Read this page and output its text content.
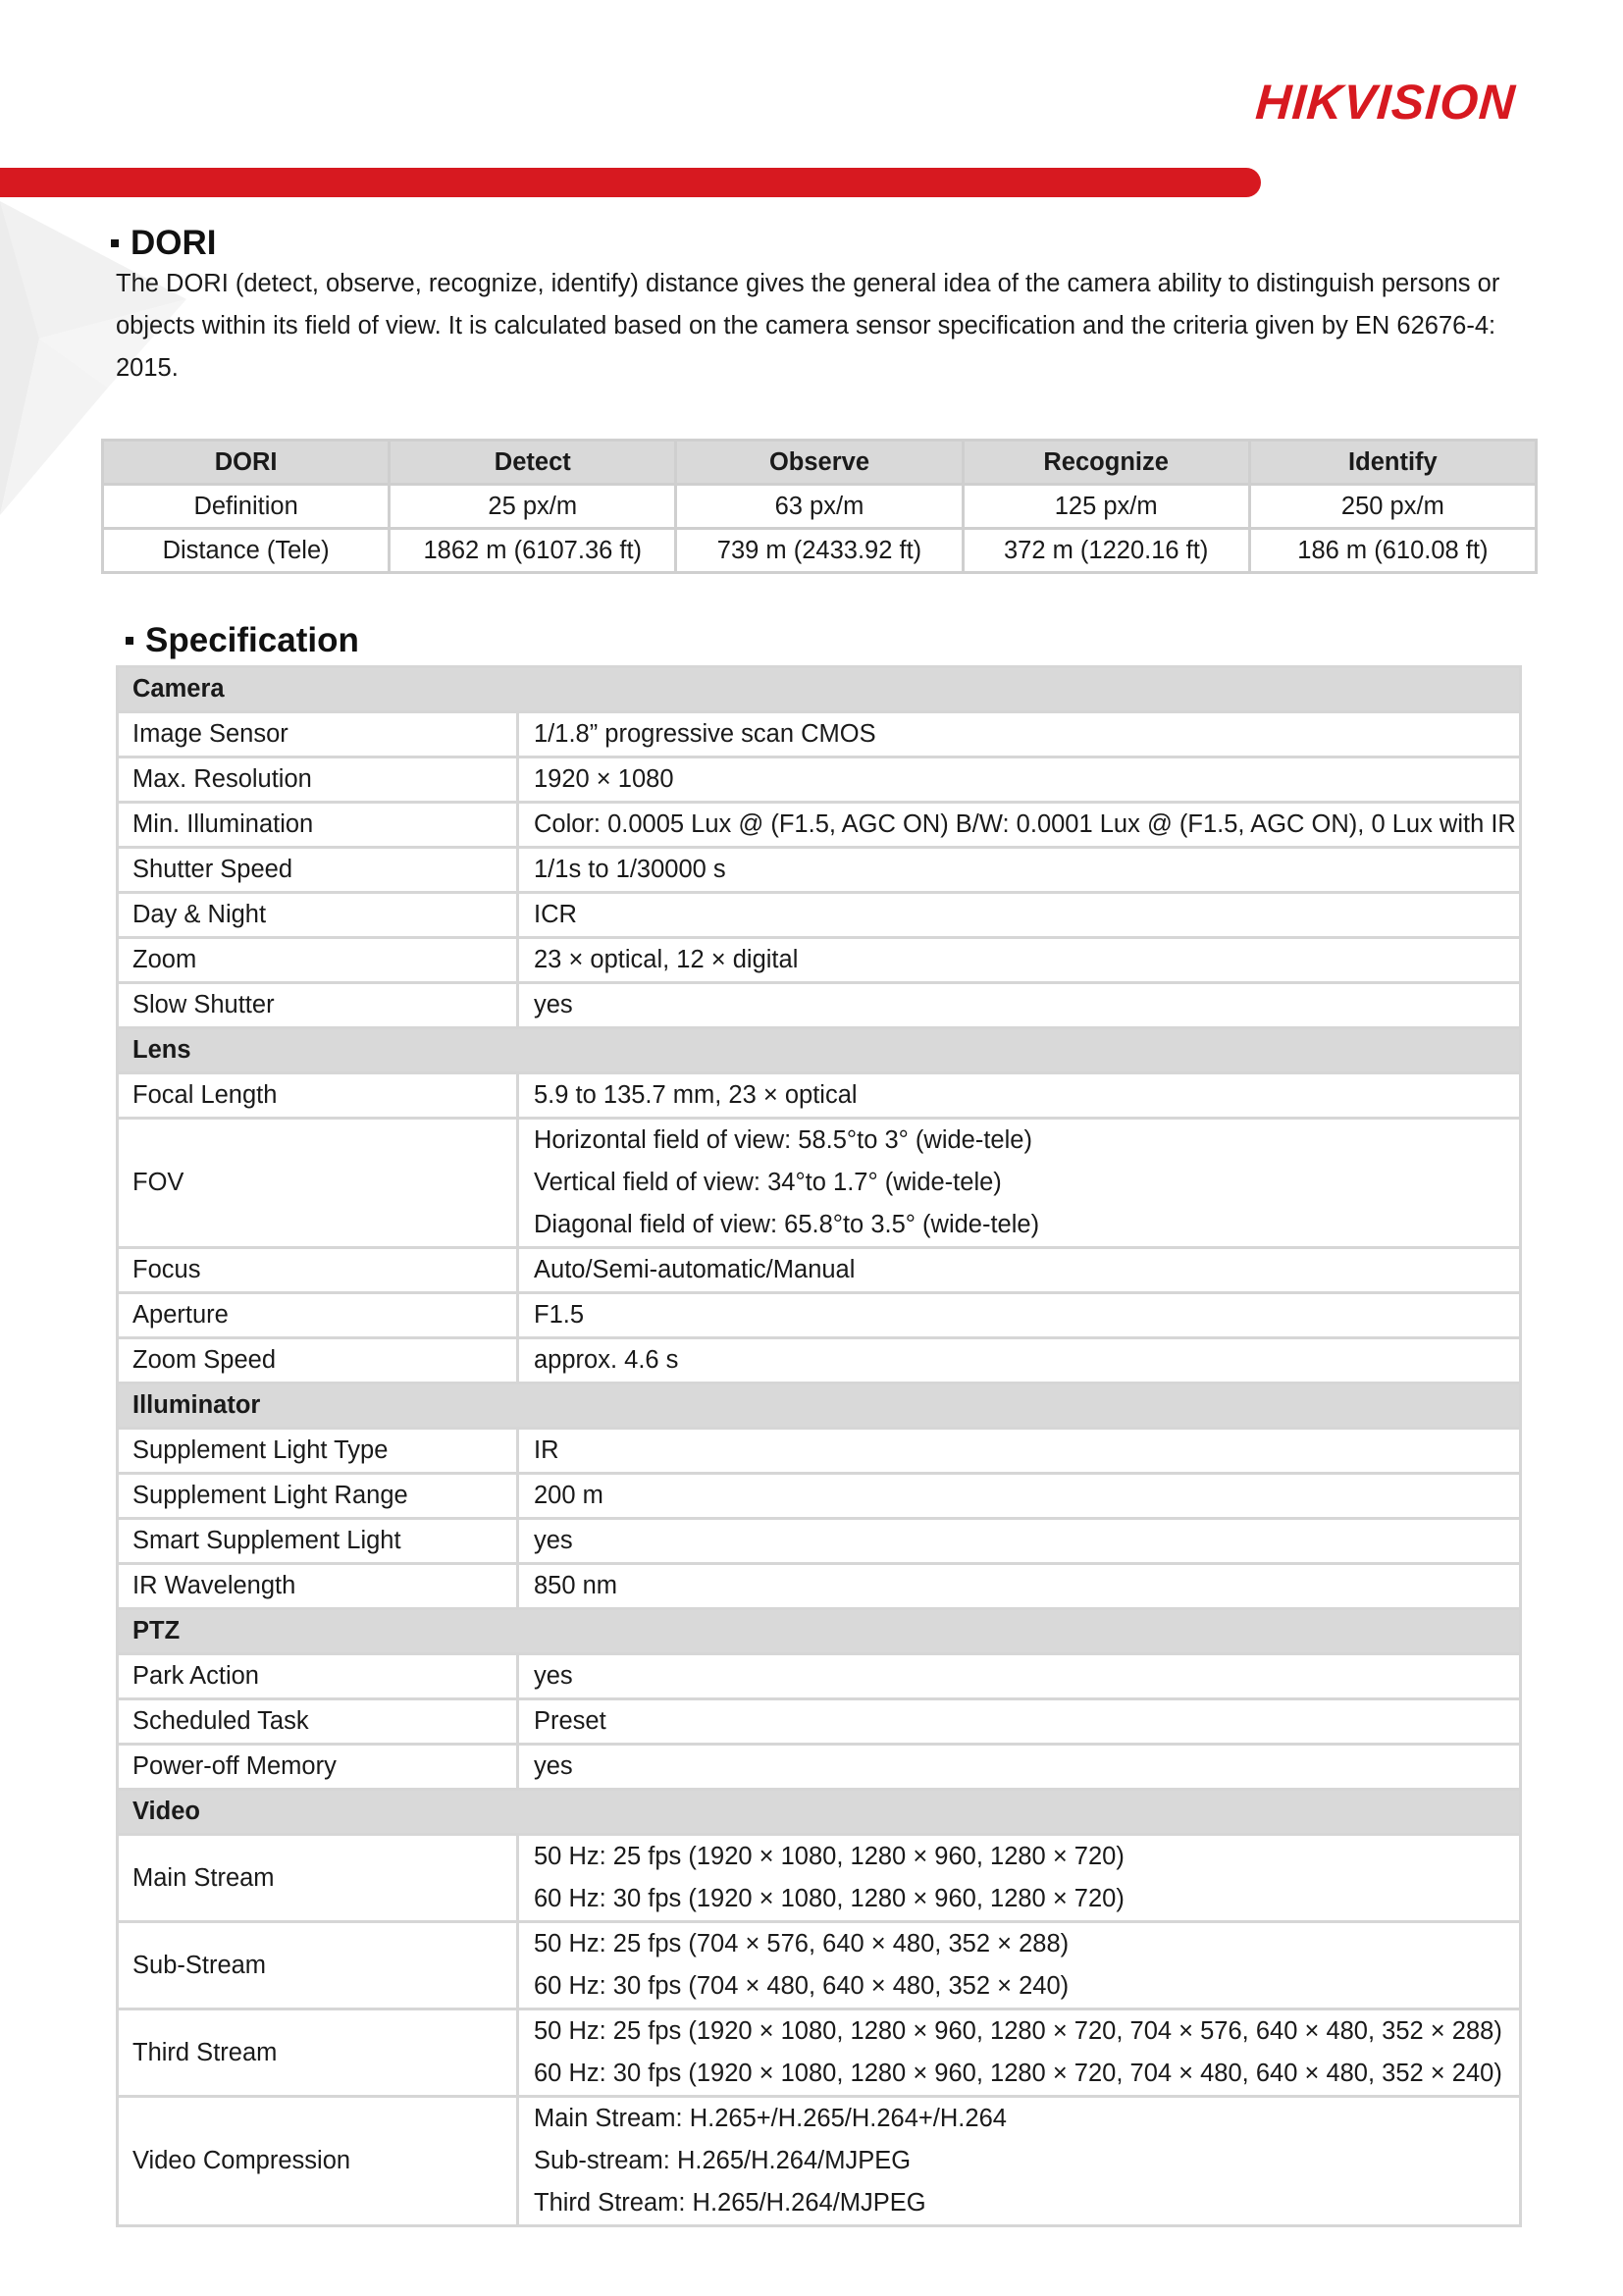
HIKVISION
DORI
The DORI (detect, observe, recognize, identify) distance gives the general idea of the camera ability to distinguish persons or objects within its field of view. It is calculated based on the camera sensor specification and the criteria given by EN 62676-4: 2015.
DORI	Detect	Observe	Recognize	Identify
Definition	25 px/m	63 px/m	125 px/m	250 px/m
Distance (Tele)	1862 m (6107.36 ft)	739 m (2433.92 ft)	372 m (1220.16 ft)	186 m (610.08 ft)
Specification
Camera	
Image Sensor	1/1.8” progressive scan CMOS

Max. Resolution	1920 × 1080

Min. Illumination	Color: 0.0005 Lux @ (F1.5, AGC ON) B/W: 0.0001 Lux @ (F1.5, AGC ON), 0 Lux with IR

Shutter Speed	1/1s to 1/30000 s

Day & Night	ICR

Zoom	23 × optical, 12 × digital

Slow Shutter	yes

Lens	
Focal Length	5.9 to 135.7 mm, 23 × optical

FOV	Horizontal field of view: 58.5°to 3° (wide-tele)
Vertical field of view: 34°to 1.7° (wide-tele)
Diagonal field of view: 65.8°to 3.5° (wide-tele)

Focus	Auto/Semi-automatic/Manual

Aperture	F1.5

Zoom Speed	approx. 4.6 s

Illuminator	
Supplement Light Type	IR

Supplement Light Range	200 m

Smart Supplement Light	yes

IR Wavelength	850 nm

PTZ	
Park Action	yes

Scheduled Task	Preset

Power-off Memory	yes

Video	
Main Stream	50 Hz: 25 fps (1920 × 1080, 1280 × 960, 1280 × 720)
60 Hz: 30 fps (1920 × 1080, 1280 × 960, 1280 × 720)

Sub-Stream	50 Hz: 25 fps (704 × 576, 640 × 480, 352 × 288)
60 Hz: 30 fps (704 × 480, 640 × 480, 352 × 240)

Third Stream	50 Hz: 25 fps (1920 × 1080, 1280 × 960, 1280 × 720, 704 × 576, 640 × 480, 352 × 288)
60 Hz: 30 fps (1920 × 1080, 1280 × 960, 1280 × 720, 704 × 480, 640 × 480, 352 × 240)

Video Compression	Main Stream: H.265+/H.265/H.264+/H.264
Sub-stream: H.265/H.264/MJPEG
Third Stream: H.265/H.264/MJPEG
